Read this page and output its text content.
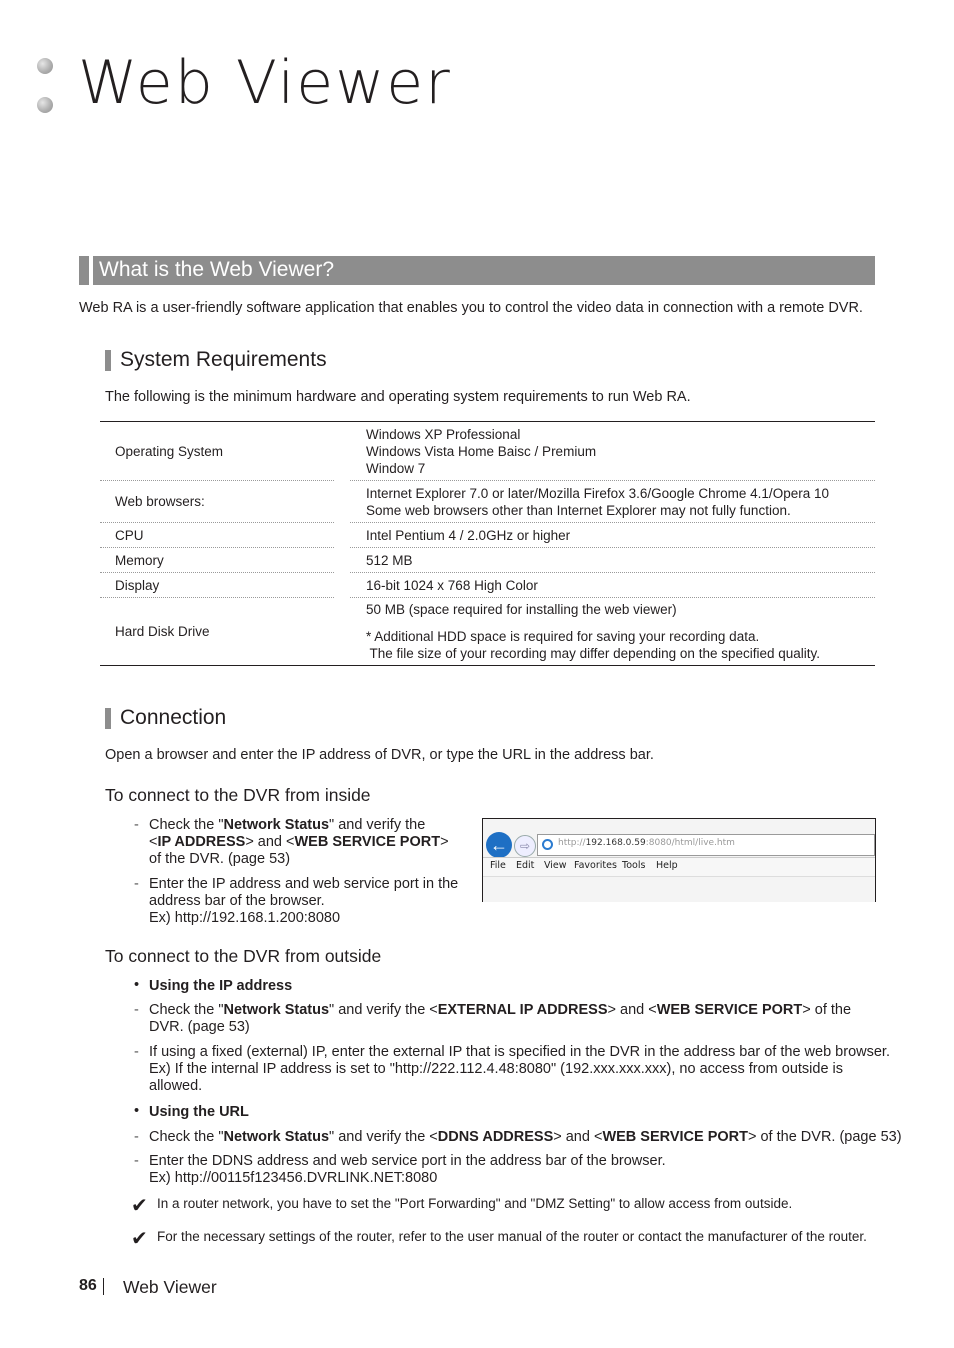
Web Viewer
What is the Web Viewer?
Web RA is a user-friendly software application that enables you to control the video data in connection with a remote DVR.
System Requirements
The following is the minimum hardware and operating system requirements to run Web RA.
Operating System		Windows XP Professional
Windows Vista Home Baisc / Premium
Window 7

Web browsers:		Internet Explorer 7.0 or later/Mozilla Firefox 3.6/Google Chrome 4.1/Opera 10
Some web browsers other than Internet Explorer may not fully function.

CPU		Intel Pentium 4 / 2.0GHz or higher

Memory		512 MB

Display		16-bit 1024 x 768 High Color

Hard Disk Drive		50 MB (space required for installing the web viewer)
* Additional HDD space is required for saving your recording data.
The file size of your recording may differ depending on the specified quality.
Connection
Open a browser and enter the IP address of DVR, or type the URL in the address bar.
To connect to the DVR from inside
- Check the "Network Status" and verify the
<IP ADDRESS> and <WEB SERVICE PORT>
of the DVR. (page 53)
- Enter the IP address and web service port in the
address bar of the browser.
Ex) http://192.168.1.200:8080
← ⇨	http://192.168.0.59:8080/html/live.htm
File Edit View Favorites Tools Help
To connect to the DVR from outside
• Using the IP address
- Check the "Network Status" and verify the <EXTERNAL IP ADDRESS> and <WEB SERVICE PORT> of the
DVR. (page 53)
- If using a fixed (external) IP, enter the external IP that is specified in the DVR in the address bar of the web browser.
Ex) If the internal IP address is set to "http://222.112.4.48:8080" (192.xxx.xxx.xxx), no access from outside is
allowed.
• Using the URL
- Check the "Network Status" and verify the <DDNS ADDRESS> and <WEB SERVICE PORT> of the DVR. (page 53)
- Enter the DDNS address and web service port in the address bar of the browser.
Ex) http://00115f123456.DVRLINK.NET:8080
✔ In a router network, you have to set the "Port Forwarding" and "DMZ Setting" to allow access from outside.
✔ For the necessary settings of the router, refer to the user manual of the router or contact the manufacturer of the router.
86 Web Viewer
